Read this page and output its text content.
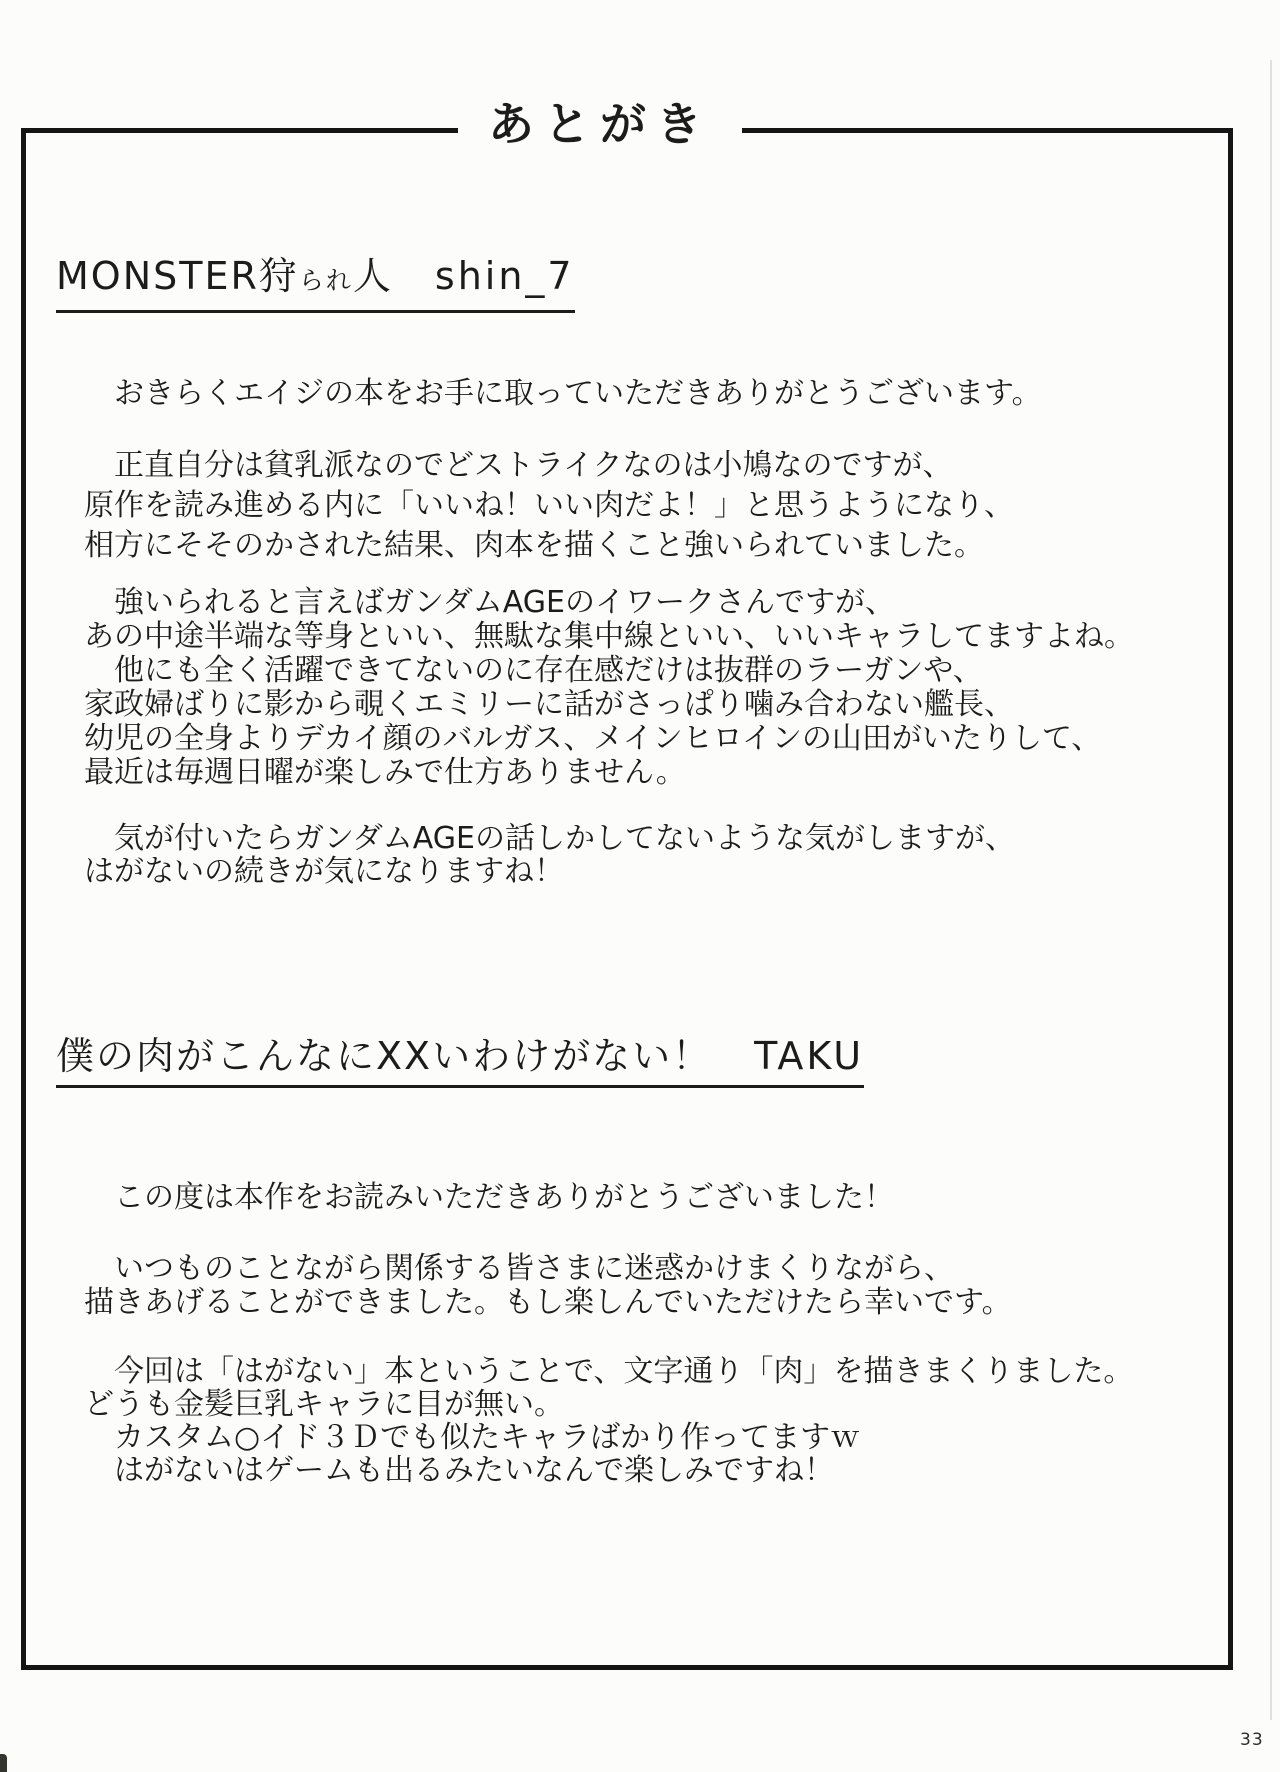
あとがき
MONSTER狩られ人 shin_7
　おきらくエイジの本をお手に取っていただきありがとうございます。
　正直自分は貧乳派なのでどストライクなのは小鳩なのですが、
原作を読み進める内に「いいね！いい肉だよ！」と思うようになり、
相方にそそのかされた結果、肉本を描くこと強いられていました。
　強いられると言えばガンダムAGEのイワークさんですが、
あの中途半端な等身といい、無駄な集中線といい、いいキャラしてますよね。
　他にも全く活躍できてないのに存在感だけは抜群のラーガンや、
家政婦ばりに影から覗くエミリーに話がさっぱり噛み合わない艦長、
幼児の全身よりデカイ顔のバルガス、メインヒロインの山田がいたりして、
最近は毎週日曜が楽しみで仕方ありません。
　気が付いたらガンダムAGEの話しかしてないような気がしますが、
はがないの続きが気になりますね！
僕の肉がこんなにXXいわけがない！ TAKU
　この度は本作をお読みいただきありがとうございました！
　いつものことながら関係する皆さまに迷惑かけまくりながら、
描きあげることができました。もし楽しんでいただけたら幸いです。
　今回は「はがない」本ということで、文字通り「肉」を描きまくりました。
どうも金髪巨乳キャラに目が無い。
　カスタム○イド３Ｄでも似たキャラばかり作ってますｗ
　はがないはゲームも出るみたいなんで楽しみですね！
33
